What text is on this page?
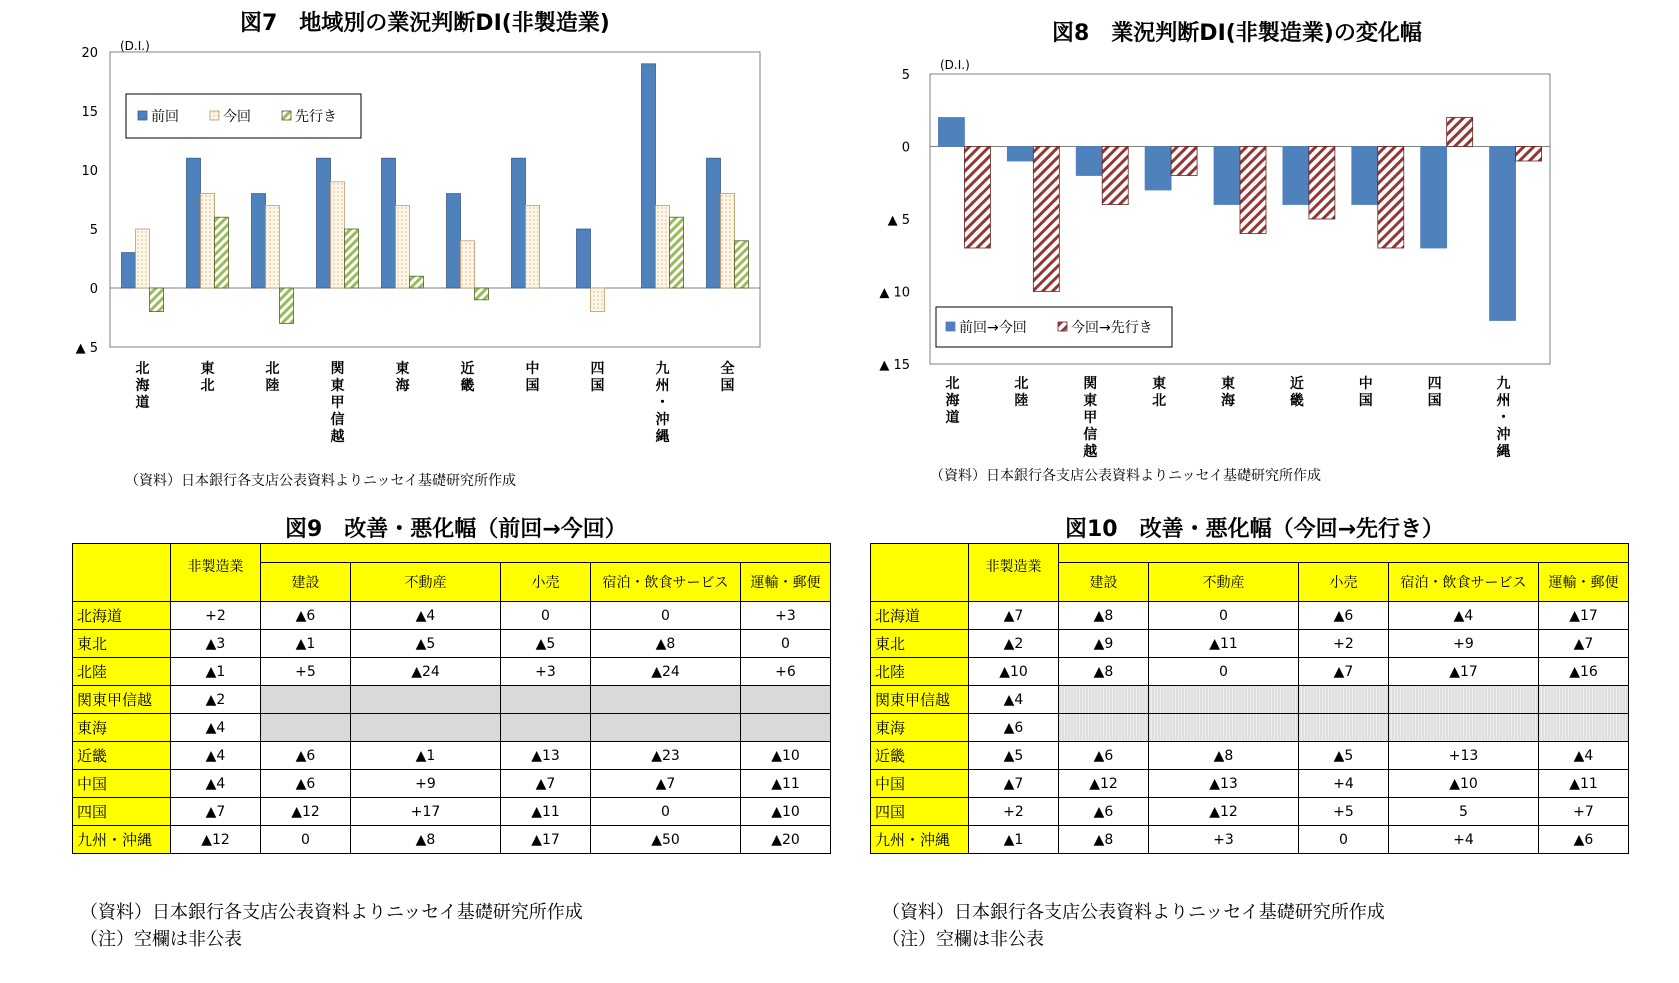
図7　地域別の業況判断DI(非製造業)	図8　業況判断DI(非製造業)の変化幅
20
15
10
5
0
▲ 5
(D.I.)
北
海
道
東
北
北
陸
関
東
甲
信
越
東
海
近
畿
中
国
四
国
九
州
・
沖
縄
全
国
前回	今回	先行き
（資料）日本銀行各支店公表資料よりニッセイ基礎研究所作成
5
0
▲ 5
▲ 10
▲ 15
(D.I.)
北
海
道
北
陸
関
東
甲
信
越
東
北
東
海
近
畿
中
国
四
国
九
州
・
沖
縄
前回→今回	今回→先行き
（資料）日本銀行各支店公表資料よりニッセイ基礎研究所作成
図9　改善・悪化幅（前回→今回）
	非製造業					
		建設	不動産	小売	宿泊・飲食サービス	運輸・郵便
北海道	+2	▲6	▲4	0	0	+3
東北	▲3	▲1	▲5	▲5	▲8	0
北陸	▲1	+5	▲24	+3	▲24	+6
関東甲信越	▲2					
東海	▲4					
近畿	▲4	▲6	▲1	▲13	▲23	▲10
中国	▲4	▲6	+9	▲7	▲7	▲11
四国	▲7	▲12	+17	▲11	0	▲10
九州・沖縄	▲12	0	▲8	▲17	▲50	▲20
（資料）日本銀行各支店公表資料よりニッセイ基礎研究所作成
（注）空欄は非公表
図10　改善・悪化幅（今回→先行き）
	非製造業					
		建設	不動産	小売	宿泊・飲食サービス	運輸・郵便
北海道	▲7	▲8	0	▲6	▲4	▲17
東北	▲2	▲9	▲11	+2	+9	▲7
北陸	▲10	▲8	0	▲7	▲17	▲16
関東甲信越	▲4					
東海	▲6					
近畿	▲5	▲6	▲8	▲5	+13	▲4
中国	▲7	▲12	▲13	+4	▲10	▲11
四国	+2	▲6	▲12	+5	5	+7
九州・沖縄	▲1	▲8	+3	0	+4	▲6
（資料）日本銀行各支店公表資料よりニッセイ基礎研究所作成
（注）空欄は非公表
